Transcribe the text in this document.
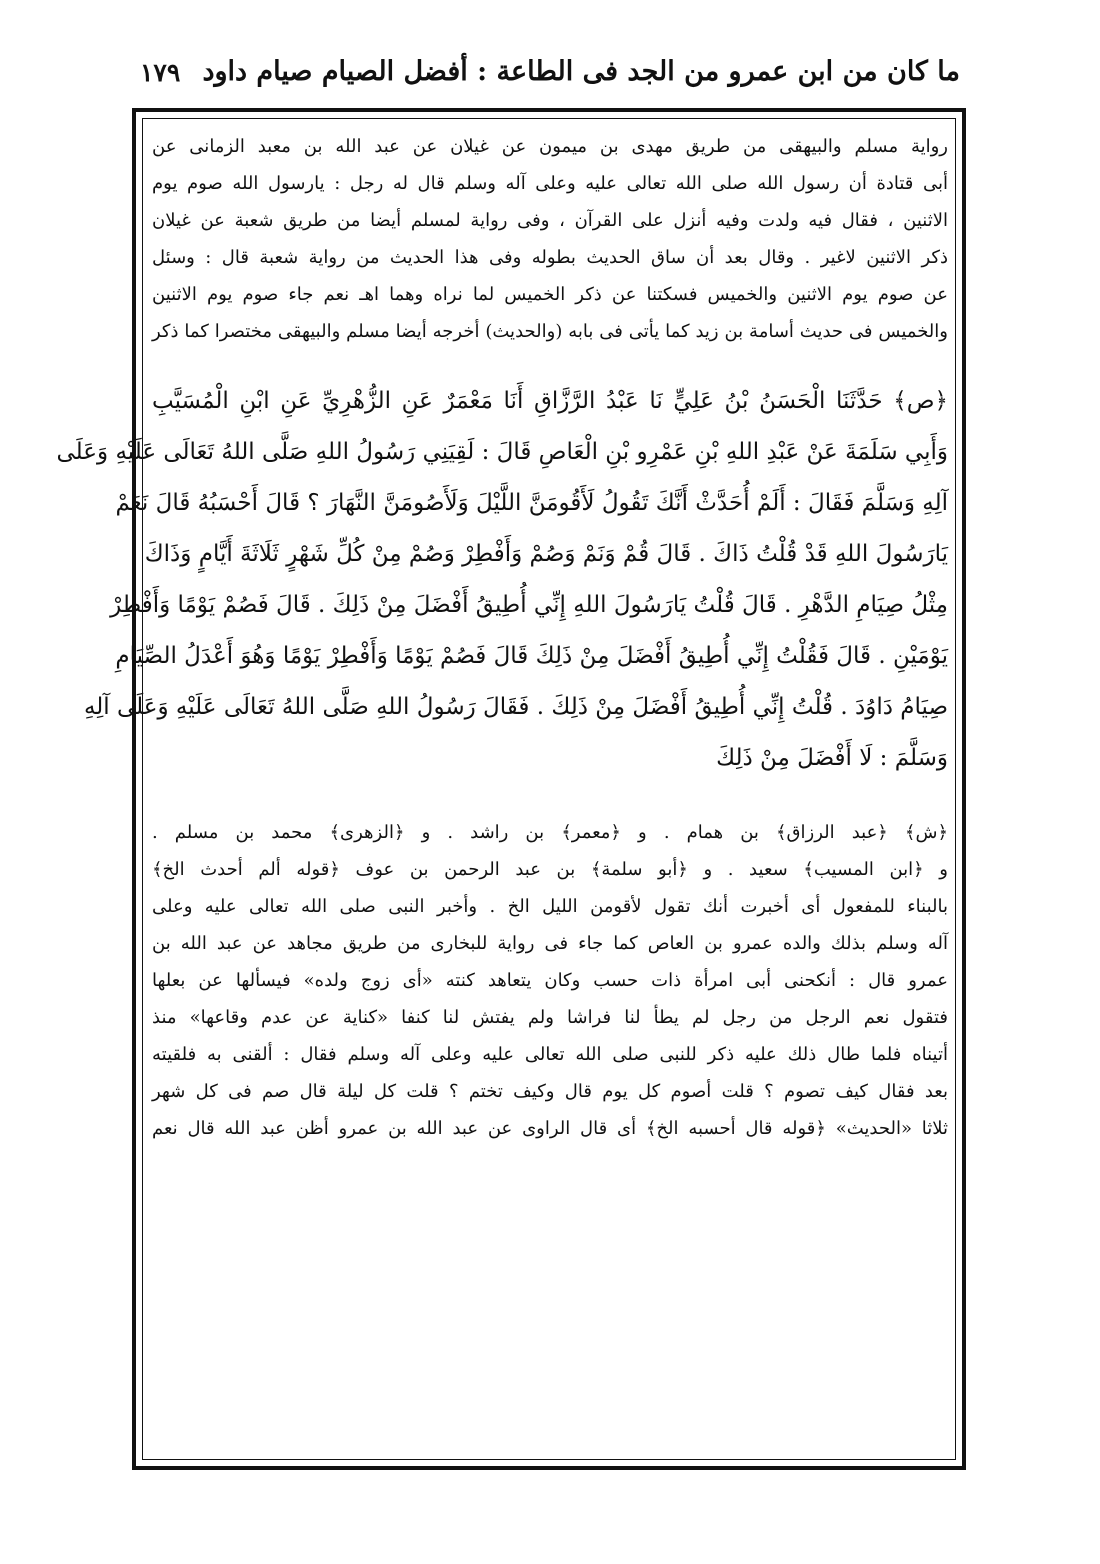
ما كان من ابن عمرو من الجد فى الطاعة : أفضل الصيام صيام داود
١٧٩
رواية مسلم والبيهقى من طريق مهدى بن ميمون عن غيلان عن عبد الله بن معبد الزمانى عن
أبى قتادة أن رسول الله صلى الله تعالى عليه وعلى آله وسلم قال له رجل : يارسول الله صوم يوم
الاثنين ، فقال فيه ولدت وفيه أنزل على القرآن ، وفى رواية لمسلم أيضا من طريق شعبة عن غيلان
ذكر الاثنين لاغير . وقال بعد أن ساق الحديث بطوله وفى هذا الحديث من رواية شعبة قال : وسئل
عن صوم يوم الاثنين والخميس فسكتنا عن ذكر الخميس لما نراه وهما اهـ نعم جاء صوم يوم الاثنين
والخميس فى حديث أسامة بن زيد كما يأتى فى بابه (والحديث) أخرجه أيضا مسلم والبيهقى مختصرا كما ذكر
﴿ص﴾ حَدَّثَنَا الْحَسَنُ بْنُ عَلِيٍّ نَا عَبْدُ الرَّزَّاقِ أَنَا مَعْمَرٌ عَنِ الزُّهْرِيِّ عَنِ ابْنِ الْمُسَيَّبِ
وَأَبِي سَلَمَةَ عَنْ عَبْدِ اللهِ بْنِ عَمْرِو بْنِ الْعَاصِ قَالَ : لَقِيَنِي رَسُولُ اللهِ صَلَّى اللهُ تَعَالَى عَلَيْهِ وَعَلَى
آلِهِ وَسَلَّمَ فَقَالَ : أَلَمْ أُحَدَّثْ أَنَّكَ تَقُولُ لَأَقُومَنَّ اللَّيْلَ وَلَأَصُومَنَّ النَّهَارَ ؟ قَالَ أَحْسَبُهُ قَالَ نَعَمْ
يَارَسُولَ اللهِ قَدْ قُلْتُ ذَاكَ . قَالَ قُمْ وَنَمْ وَصُمْ وَأَفْطِرْ وَصُمْ مِنْ كُلِّ شَهْرٍ ثَلَاثَةَ أَيَّامٍ وَذَاكَ
مِثْلُ صِيَامِ الدَّهْرِ . قَالَ قُلْتُ يَارَسُولَ اللهِ إِنِّي أُطِيقُ أَفْضَلَ مِنْ ذَلِكَ . قَالَ فَصُمْ يَوْمًا وَأَفْطِرْ
يَوْمَيْنِ . قَالَ فَقُلْتُ إِنِّي أُطِيقُ أَفْضَلَ مِنْ ذَلِكَ قَالَ فَصُمْ يَوْمًا وَأَفْطِرْ يَوْمًا وَهُوَ أَعْدَلُ الصِّيَامِ
صِيَامُ دَاوُدَ . قُلْتُ إِنِّي أُطِيقُ أَفْضَلَ مِنْ ذَلِكَ . فَقَالَ رَسُولُ اللهِ صَلَّى اللهُ تَعَالَى عَلَيْهِ وَعَلَى آلِهِ
وَسَلَّمَ : لَا أَفْضَلَ مِنْ ذَلِكَ
﴿ش﴾ ﴿عبد الرزاق﴾ بن همام . و ﴿معمر﴾ بن راشد . و ﴿الزهرى﴾ محمد بن مسلم .
و ﴿ابن المسيب﴾ سعيد . و ﴿أبو سلمة﴾ بن عبد الرحمن بن عوف ﴿قوله ألم أحدث الخ﴾
بالبناء للمفعول أى أخبرت أنك تقول لأقومن الليل الخ . وأخبر النبى صلى الله تعالى عليه وعلى
آله وسلم بذلك والده عمرو بن العاص كما جاء فى رواية للبخارى من طريق مجاهد عن عبد الله بن
عمرو قال : أنكحنى أبى امرأة ذات حسب وكان يتعاهد كنته «أى زوج ولده» فيسألها عن بعلها
فتقول نعم الرجل من رجل لم يطأ لنا فراشا ولم يفتش لنا كنفا «كناية عن عدم وقاعها» منذ
أتيناه فلما طال ذلك عليه ذكر للنبى صلى الله تعالى عليه وعلى آله وسلم فقال : ألقنى به فلقيته
بعد فقال كيف تصوم ؟ قلت أصوم كل يوم قال وكيف تختم ؟ قلت كل ليلة قال صم فى كل شهر
ثلاثا «الحديث» ﴿قوله قال أحسبه الخ﴾ أى قال الراوى عن عبد الله بن عمرو أظن عبد الله قال نعم
